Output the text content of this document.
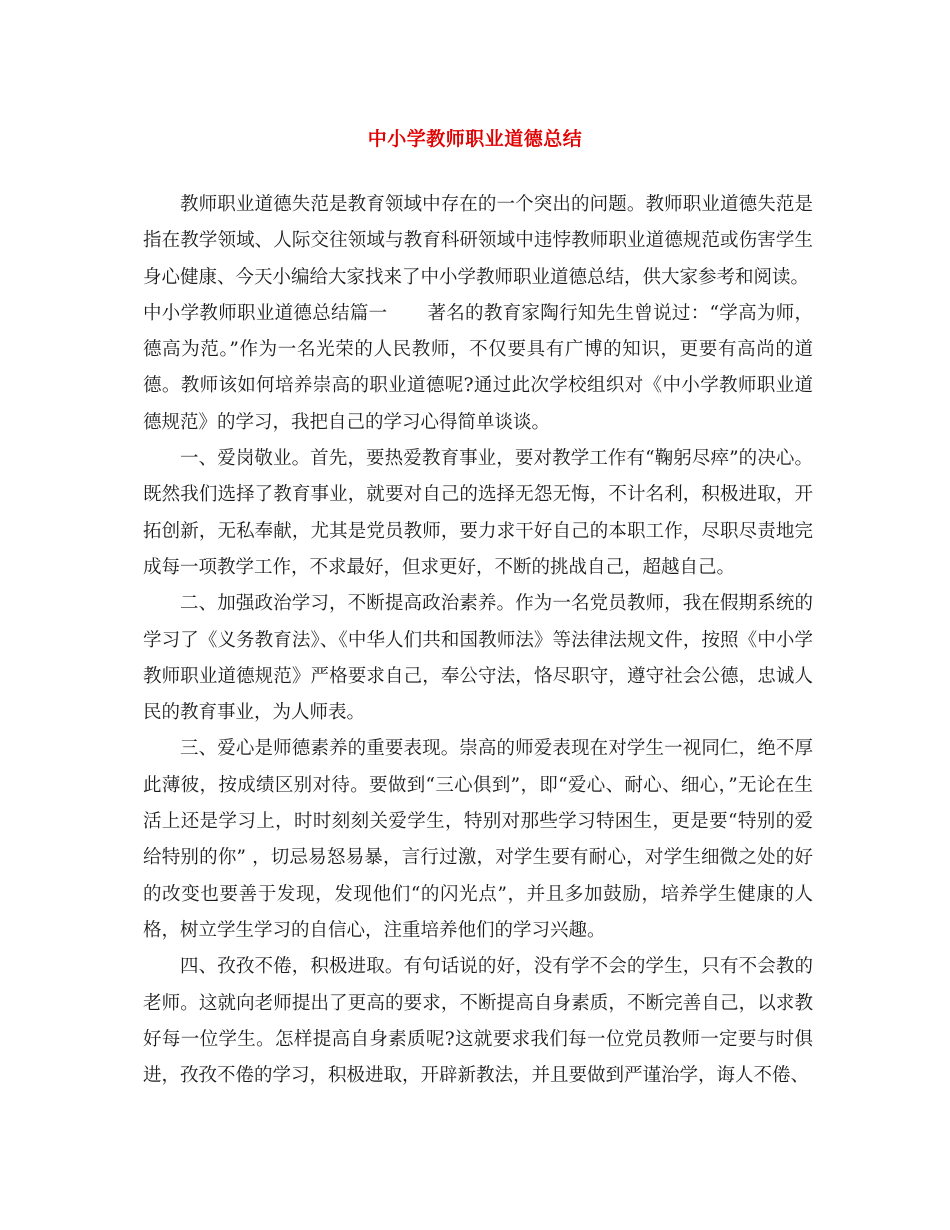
中小学教师职业道德总结

教师职业道德失范是教育领域中存在的一个突出的问题。教师职业道德失范是指在教学领域、人际交往领域与教育科研领域中违悖教师职业道德规范或伤害学生身心健康、今天小编给大家找来了中小学教师职业道德总结，供大家参考和阅读。

中小学教师职业道德总结篇一 著名的教育家陶行知先生曾说过：“学高为师，德高为范。”作为一名光荣的人民教师，不仅要具有广博的知识，更要有高尚的道德。教师该如何培养崇高的职业道德呢?通过此次学校组织对《中小学教师职业道德规范》的学习，我把自己的学习心得简单谈谈。

一、爱岗敬业。首先，要热爱教育事业，要对教学工作有“鞠躬尽瘁”的决心。既然我们选择了教育事业，就要对自己的选择无怨无悔，不计名利，积极进取，开拓创新，无私奉献，尤其是党员教师，要力求干好自己的本职工作，尽职尽责地完成每一项教学工作，不求最好，但求更好，不断的挑战自己，超越自己。

二、加强政治学习，不断提高政治素养。作为一名党员教师，我在假期系统的学习了《义务教育法》、《中华人们共和国教师法》等法律法规文件，按照《中小学教师职业道德规范》严格要求自己，奉公守法，恪尽职守，遵守社会公德，忠诚人民的教育事业，为人师表。

三、爱心是师德素养的重要表现。崇高的师爱表现在对学生一视同仁，绝不厚此薄彼，按成绩区别对待。要做到“三心俱到”，即“爱心、耐心、细心，”无论在生活上还是学习上，时时刻刻关爱学生，特别对那些学习特困生，更是要“特别的爱给特别的你” ，切忌易怒易暴，言行过激，对学生要有耐心，对学生细微之处的好的改变也要善于发现，发现他们“的闪光点”，并且多加鼓励，培养学生健康的人格，树立学生学习的自信心，注重培养他们的学习兴趣。

四、孜孜不倦，积极进取。有句话说的好，没有学不会的学生，只有不会教的老师。这就向老师提出了更高的要求，不断提高自身素质，不断完善自己，以求教好每一位学生。怎样提高自身素质呢?这就要求我们每一位党员教师一定要与时俱进，孜孜不倦的学习，积极进取，开辟新教法，并且要做到严谨治学，诲人不倦、
